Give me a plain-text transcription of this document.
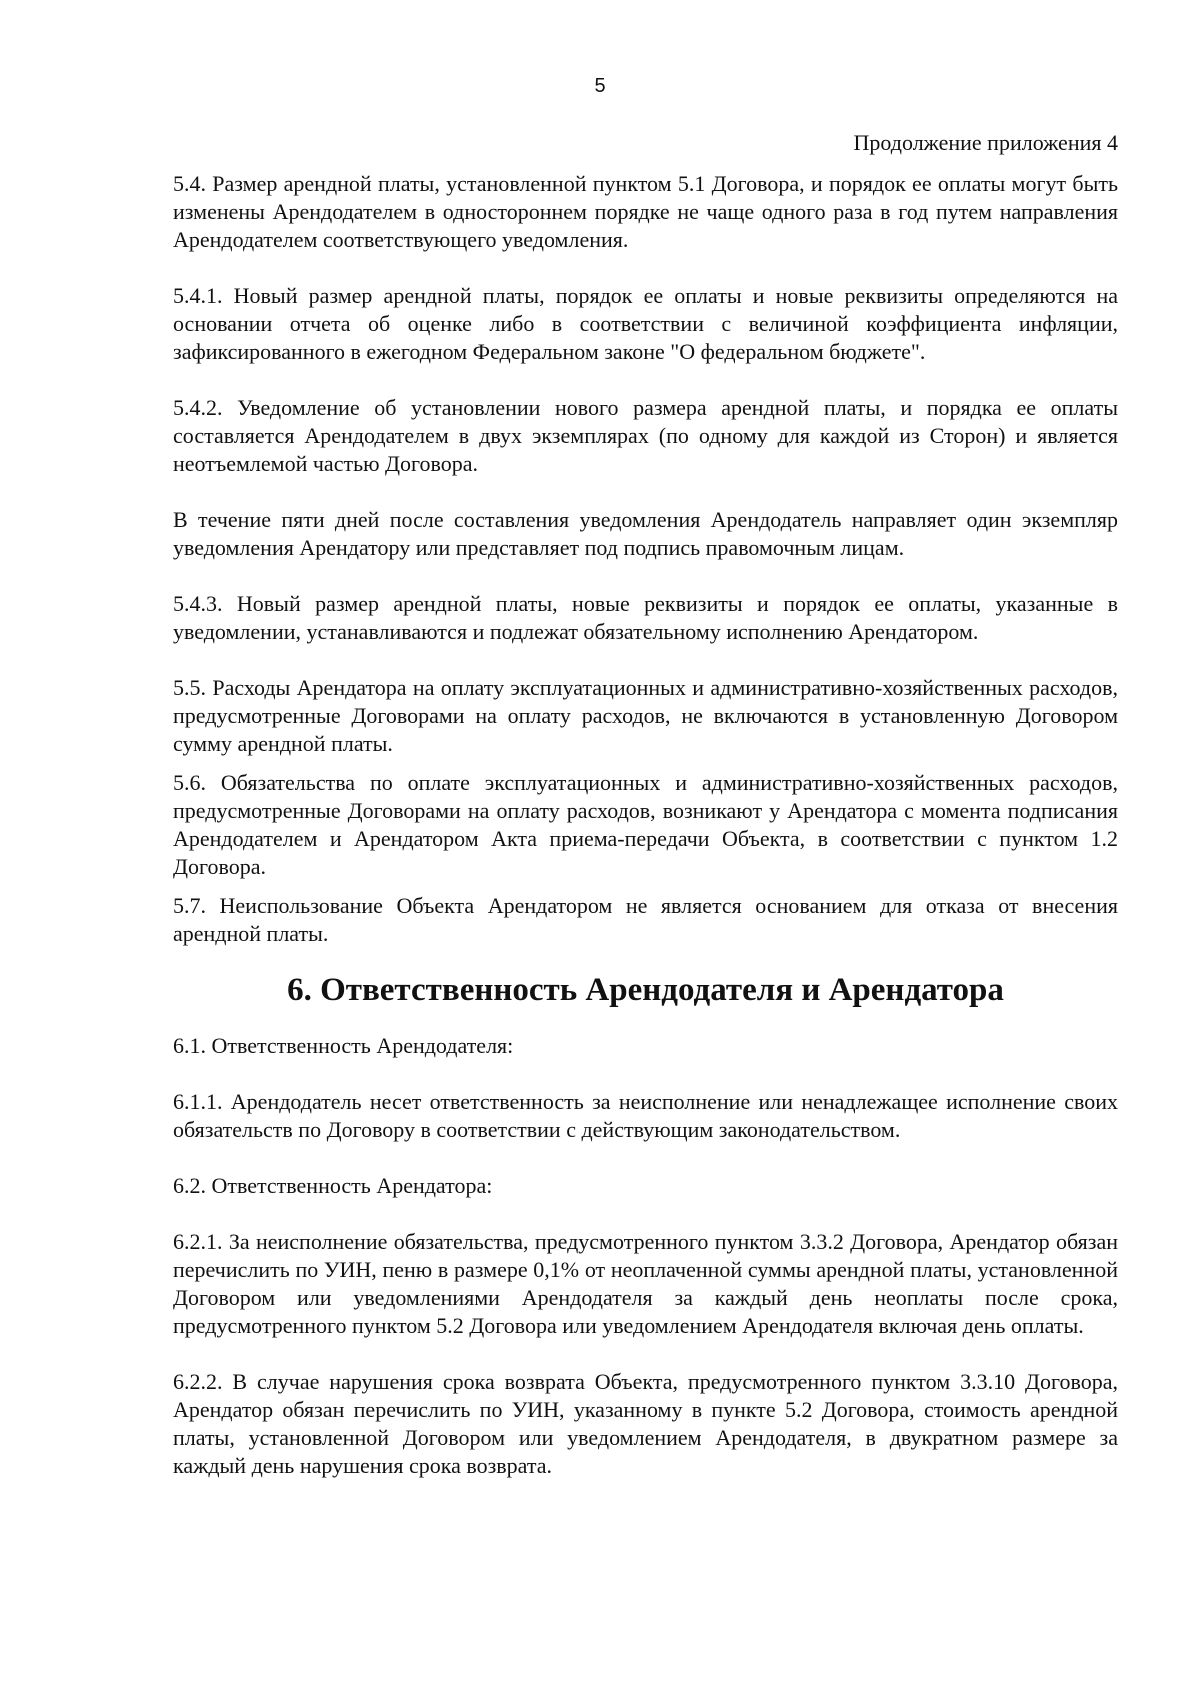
5
Продолжение приложения 4

5.4. Размер арендной платы, установленной пунктом 5.1 Договора, и порядок ее оплаты могут быть изменены Арендодателем в одностороннем порядке не чаще одного раза в год путем направления Арендодателем соответствующего уведомления.

5.4.1. Новый размер арендной платы, порядок ее оплаты и новые реквизиты определяются на основании отчета об оценке либо в соответствии с величиной коэффициента инфляции, зафиксированного в ежегодном Федеральном законе "О федеральном бюджете".

5.4.2. Уведомление об установлении нового размера арендной платы, и порядка ее оплаты составляется Арендодателем в двух экземплярах (по одному для каждой из Сторон) и является неотъемлемой частью Договора.

В течение пяти дней после составления уведомления Арендодатель направляет один экземпляр уведомления Арендатору или представляет под подпись правомочным лицам.

5.4.3. Новый размер арендной платы, новые реквизиты и порядок ее оплаты, указанные в уведомлении, устанавливаются и подлежат обязательному исполнению Арендатором.

5.5. Расходы Арендатора на оплату эксплуатационных и административно-хозяйственных расходов, предусмотренные Договорами на оплату расходов, не включаются в установленную Договором сумму арендной платы.

5.6. Обязательства по оплате эксплуатационных и административно-хозяйственных расходов, предусмотренные Договорами на оплату расходов, возникают у Арендатора с момента подписания Арендодателем и Арендатором Акта приема-передачи Объекта, в соответствии с пунктом 1.2 Договора.

5.7. Неиспользование Объекта Арендатором не является основанием для отказа от внесения арендной платы.

6. Ответственность Арендодателя и Арендатора

6.1. Ответственность Арендодателя:

6.1.1. Арендодатель несет ответственность за неисполнение или ненадлежащее исполнение своих обязательств по Договору в соответствии с действующим законодательством.

6.2. Ответственность Арендатора:

6.2.1. За неисполнение обязательства, предусмотренного пунктом 3.3.2 Договора, Арендатор обязан перечислить по УИН, пеню в размере 0,1% от неоплаченной суммы арендной платы, установленной Договором или уведомлениями Арендодателя за каждый день неоплаты после срока, предусмотренного пунктом 5.2 Договора или уведомлением Арендодателя включая день оплаты.

6.2.2. В случае нарушения срока возврата Объекта, предусмотренного пунктом 3.3.10 Договора, Арендатор обязан перечислить по УИН, указанному в пункте 5.2 Договора, стоимость арендной платы, установленной Договором или уведомлением Арендодателя, в двукратном размере за каждый день нарушения срока возврата.
